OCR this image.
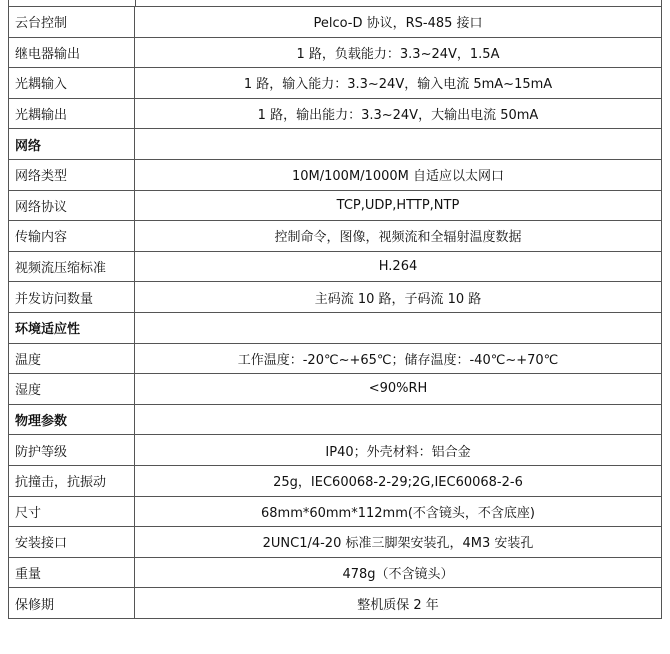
云台控制	Pelco-D 协议，RS-485 接口
继电器输出	1 路，负载能力：3.3~24V，1.5A
光耦输入	1 路，输入能力：3.3~24V，输入电流 5mA~15mA
光耦输出	1 路，输出能力：3.3~24V，大输出电流 50mA
网络	
网络类型	10M/100M/1000M 自适应以太网口
网络协议	TCP,UDP,HTTP,NTP
传输内容	控制命令，图像，视频流和全辐射温度数据
视频流压缩标准	H.264
并发访问数量	主码流 10 路，子码流 10 路
环境适应性	
温度	工作温度：-20℃~+65℃；储存温度：-40℃~+70℃
湿度	<90%RH
物理参数	
防护等级	IP40；外壳材料：铝合金
抗撞击，抗振动	25g，IEC60068-2-29;2G,IEC60068-2-6
尺寸	68mm*60mm*112mm(不含镜头，不含底座)
安装接口	2UNC1/4-20 标准三脚架安装孔，4M3 安装孔
重量	478g（不含镜头）
保修期	整机质保 2 年
